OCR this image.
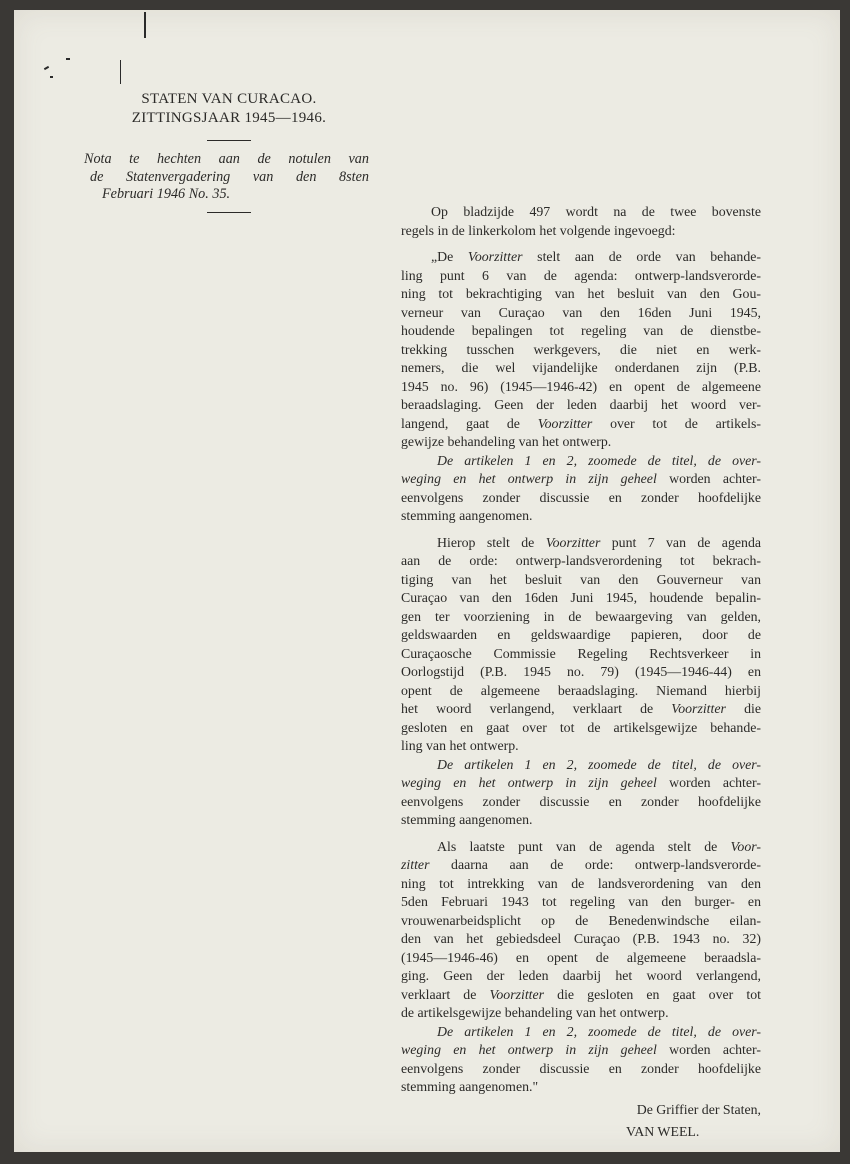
STATEN VAN CURACAO.
ZITTINGSJAAR 1945—1946.
Nota te hechten aan de notulen van
de Statenvergadering van den 8sten
Februari 1946 No. 35.
Op bladzijde 497 wordt na de twee bovenste
regels in de linkerkolom het volgende ingevoegd:
„De Voorzitter stelt aan de orde van behande-
ling punt 6 van de agenda: ontwerp-landsverorde-
ning tot bekrachtiging van het besluit van den Gou-
verneur van Curaçao van den 16den Juni 1945,
houdende bepalingen tot regeling van de dienstbe-
trekking tusschen werkgevers, die niet en werk-
nemers, die wel vijandelijke onderdanen zijn (P.B.
1945 no. 96) (1945—1946-42) en opent de algemeene
beraadslaging. Geen der leden daarbij het woord ver-
langend, gaat de Voorzitter over tot de artikels-
gewijze behandeling van het ontwerp.
De artikelen 1 en 2, zoomede de titel, de over-
weging en het ontwerp in zijn geheel worden achter-
eenvolgens zonder discussie en zonder hoofdelijke
stemming aangenomen.
Hierop stelt de Voorzitter punt 7 van de agenda
aan de orde: ontwerp-landsverordening tot bekrach-
tiging van het besluit van den Gouverneur van
Curaçao van den 16den Juni 1945, houdende bepalin-
gen ter voorziening in de bewaargeving van gelden,
geldswaarden en geldswaardige papieren, door de
Curaçaosche Commissie Regeling Rechtsverkeer in
Oorlogstijd (P.B. 1945 no. 79) (1945—1946-44) en
opent de algemeene beraadslaging. Niemand hierbij
het woord verlangend, verklaart de Voorzitter die
gesloten en gaat over tot de artikelsgewijze behande-
ling van het ontwerp.
De artikelen 1 en 2, zoomede de titel, de over-
weging en het ontwerp in zijn geheel worden achter-
eenvolgens zonder discussie en zonder hoofdelijke
stemming aangenomen.
Als laatste punt van de agenda stelt de Voor-
zitter daarna aan de orde: ontwerp-landsverorde-
ning tot intrekking van de landsverordening van den
5den Februari 1943 tot regeling van den burger- en
vrouwenarbeidsplicht op de Benedenwindsche eilan-
den van het gebiedsdeel Curaçao (P.B. 1943 no. 32)
(1945—1946-46) en opent de algemeene beraadsla-
ging. Geen der leden daarbij het woord verlangend,
verklaart de Voorzitter die gesloten en gaat over tot
de artikelsgewijze behandeling van het ontwerp.
De artikelen 1 en 2, zoomede de titel, de over-
weging en het ontwerp in zijn geheel worden achter-
eenvolgens zonder discussie en zonder hoofdelijke
stemming aangenomen."
De Griffier der Staten,
VAN WEEL.
